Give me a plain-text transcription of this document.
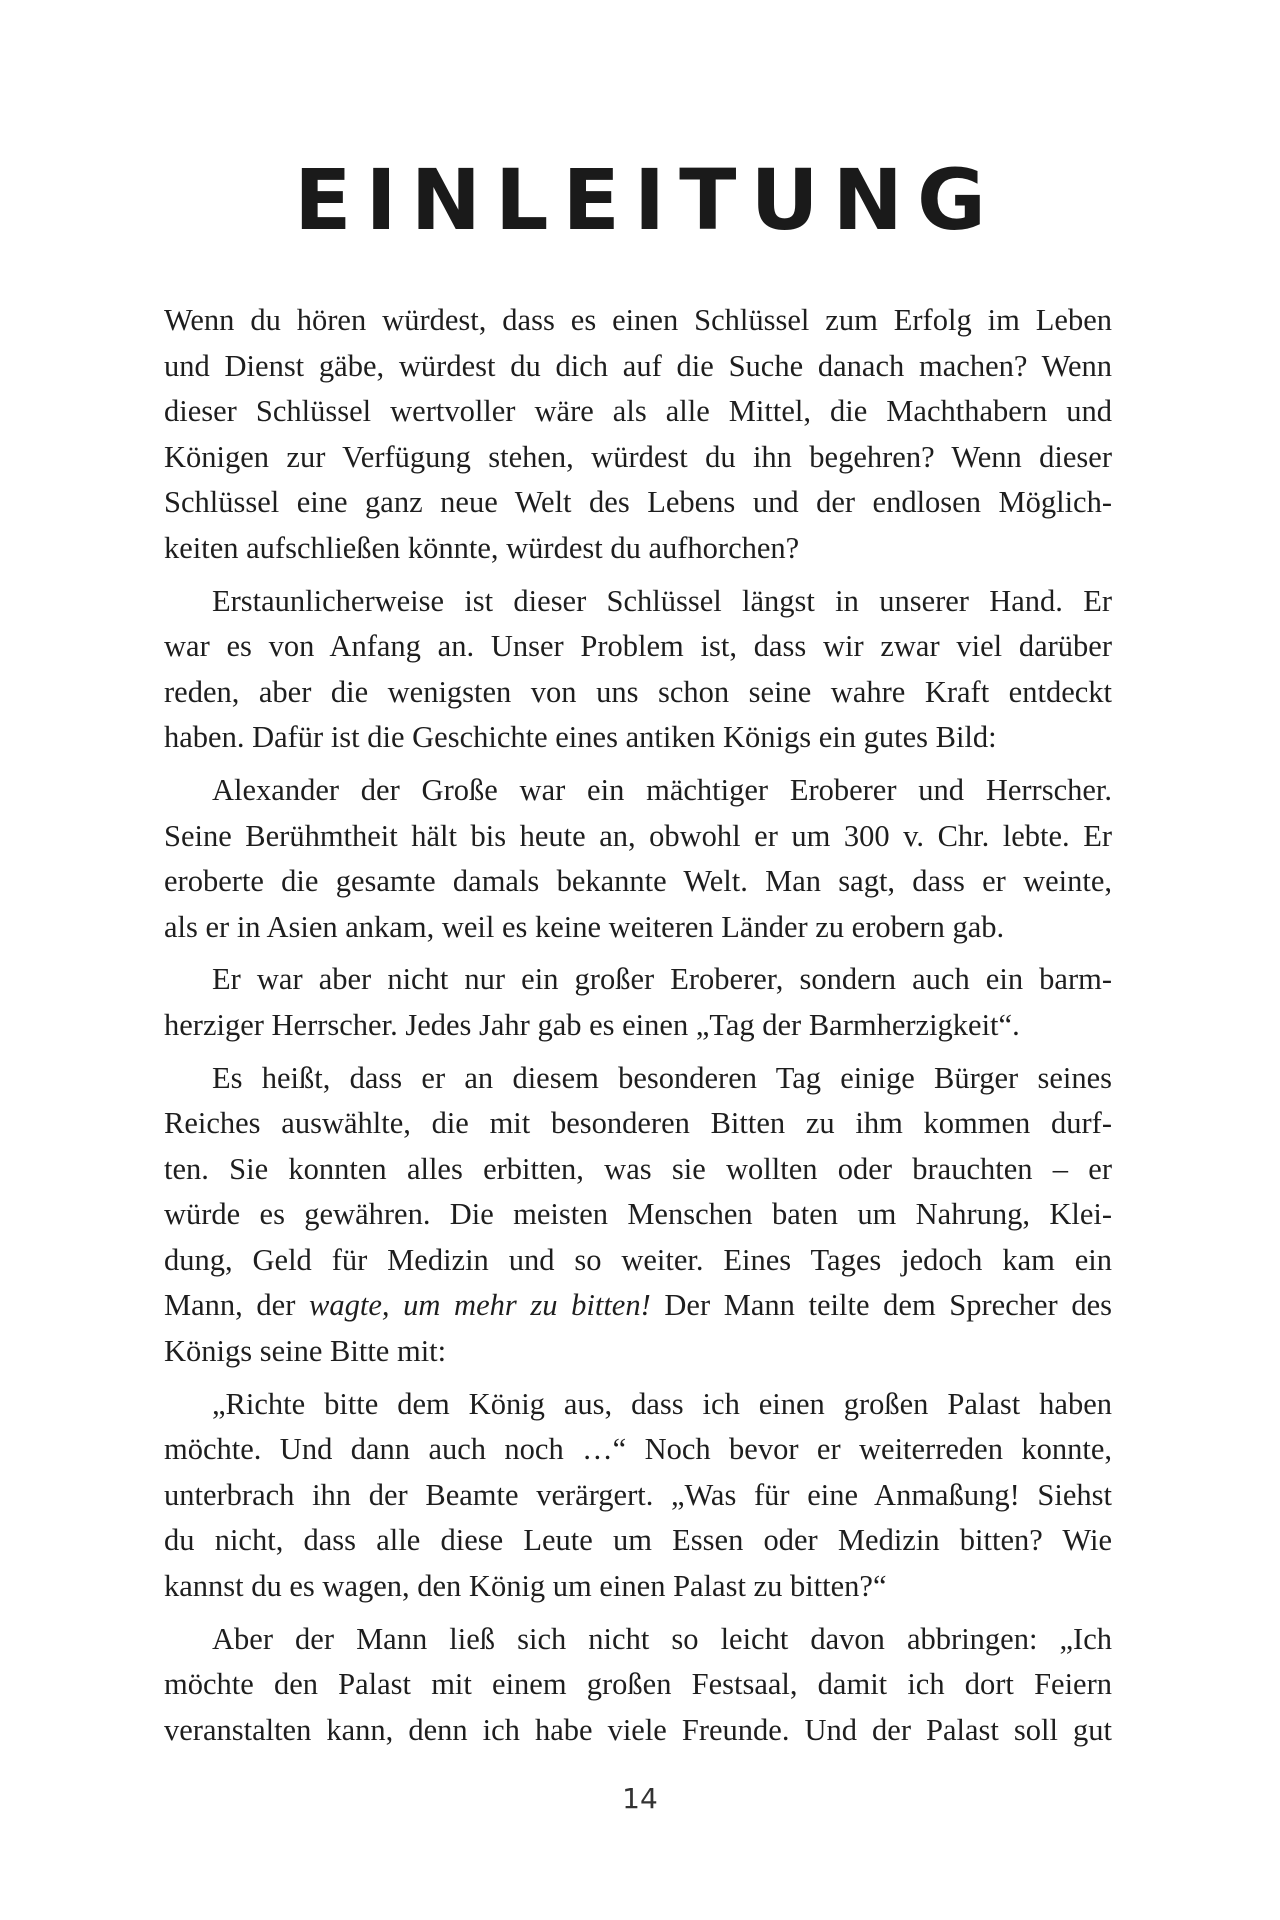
EINLEITUNG

Wenn du hören würdest, dass es einen Schlüssel zum Erfolg im Leben
und Dienst gäbe, würdest du dich auf die Suche danach machen? Wenn
dieser Schlüssel wertvoller wäre als alle Mittel, die Machthabern und
Königen zur Verfügung stehen, würdest du ihn begehren? Wenn dieser
Schlüssel eine ganz neue Welt des Lebens und der endlosen Möglich-
keiten aufschließen könnte, würdest du aufhorchen?

Erstaunlicherweise ist dieser Schlüssel längst in unserer Hand. Er
war es von Anfang an. Unser Problem ist, dass wir zwar viel darüber
reden, aber die wenigsten von uns schon seine wahre Kraft entdeckt
haben. Dafür ist die Geschichte eines antiken Königs ein gutes Bild:

Alexander der Große war ein mächtiger Eroberer und Herrscher.
Seine Berühmtheit hält bis heute an, obwohl er um 300 v. Chr. lebte. Er
eroberte die gesamte damals bekannte Welt. Man sagt, dass er weinte,
als er in Asien ankam, weil es keine weiteren Länder zu erobern gab.

Er war aber nicht nur ein großer Eroberer, sondern auch ein barm-
herziger Herrscher. Jedes Jahr gab es einen „Tag der Barmherzigkeit“.

Es heißt, dass er an diesem besonderen Tag einige Bürger seines
Reiches auswählte, die mit besonderen Bitten zu ihm kommen durf-
ten. Sie konnten alles erbitten, was sie wollten oder brauchten – er
würde es gewähren. Die meisten Menschen baten um Nahrung, Klei-
dung, Geld für Medizin und so weiter. Eines Tages jedoch kam ein
Mann, der wagte, um mehr zu bitten! Der Mann teilte dem Sprecher des
Königs seine Bitte mit:

„Richte bitte dem König aus, dass ich einen großen Palast haben
möchte. Und dann auch noch …“ Noch bevor er weiterreden konnte,
unterbrach ihn der Beamte verärgert. „Was für eine Anmaßung! Siehst
du nicht, dass alle diese Leute um Essen oder Medizin bitten? Wie
kannst du es wagen, den König um einen Palast zu bitten?“

Aber der Mann ließ sich nicht so leicht davon abbringen: „Ich
möchte den Palast mit einem großen Festsaal, damit ich dort Feiern
veranstalten kann, denn ich habe viele Freunde. Und der Palast soll gut

14
